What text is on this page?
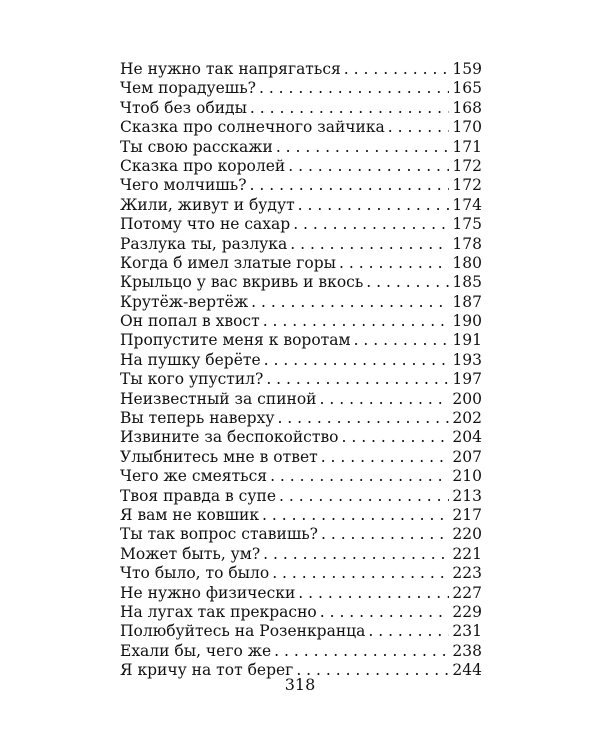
Не нужно так напрягаться . . .	159
Чем порадуешь? . . .	165
Чтоб без обиды . . .	168
Сказка про солнечного зайчика . . .	170
Ты свою расскажи . . .	171
Сказка про королей . . .	172
Чего молчишь? . . .	172
Жили, живут и будут . . .	174
Потому что не сахар . . .	175
Разлука ты, разлука . . .	178
Когда б имел златые горы . . .	180
Крыльцо у вас вкривь и вкось . . .	185
Крутёж-вертёж . . .	187
Он попал в хвост . . .	190
Пропустите меня к воротам . . .	191
На пушку берёте . . .	193
Ты кого упустил? . . .	197
Неизвестный за спиной . . .	200
Вы теперь наверху . . .	202
Извините за беспокойство . . .	204
Улыбнитесь мне в ответ . . .	207
Чего же смеяться . . .	210
Твоя правда в супе . . .	213
Я вам не ковшик . . .	217
Ты так вопрос ставишь? . . .	220
Может быть, ум? . . .	221
Что было, то было . . .	223
Не нужно физически . . .	227
На лугах так прекрасно . . .	229
Полюбуйтесь на Розенкранца . . .	231
Ехали бы, чего же . . .	238
Я кричу на тот берег . . .	244
318
